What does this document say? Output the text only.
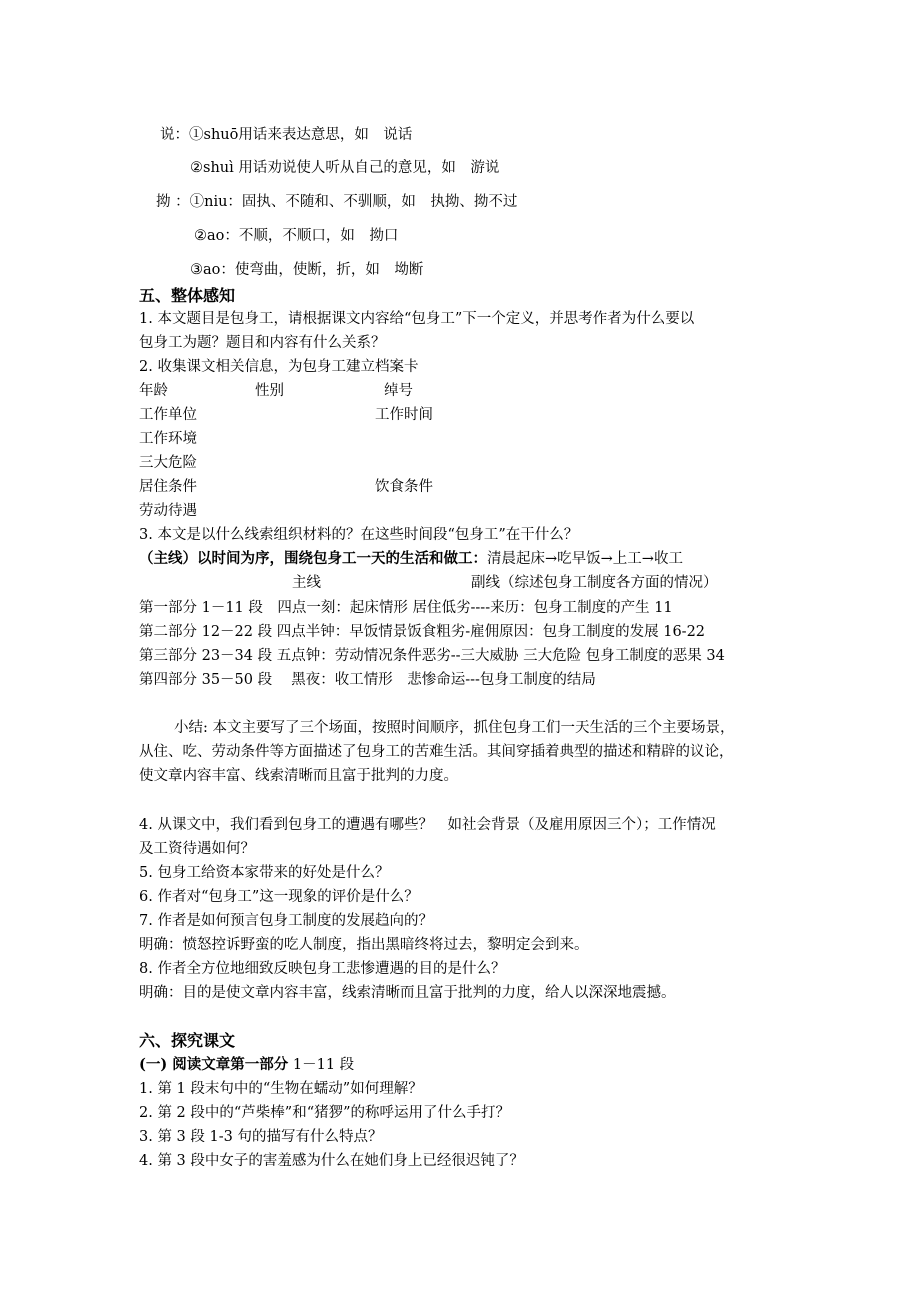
说：①shuō用话来表达意思，如　说话
②shuì 用话劝说使人听从自己的意见，如　游说
拗 ：①niu：固执、不随和、不驯顺，如　执拗、拗不过
②ao：不顺，不顺口，如　拗口
③ao：使弯曲，使断，折，如　坳断
五、整体感知
1. 本文题目是包身工，请根据课文内容给“包身工”下一个定义，并思考作者为什么要以
包身工为题？题目和内容有什么关系？
2. 收集课文相关信息，为包身工建立档案卡
年龄	性别	绰号
工作单位	工作时间
工作环境
三大危险
居住条件	饮食条件
劳动待遇
3. 本文是以什么线索组织材料的？在这些时间段“包身工”在干什么？
（主线）以时间为序，围绕包身工一天的生活和做工：清晨起床→吃早饭→上工→收工
主线	副线（综述包身工制度各方面的情况）
第一部分 1－11 段　四点一刻：起床情形 居住低劣----来历：包身工制度的产生 11
第二部分 12－22 段 四点半钟：早饭情景饭食粗劣-雇佣原因：包身工制度的发展 16-22
第三部分 23－34 段 五点钟：劳动情况条件恶劣--三大威胁 三大危险 包身工制度的恶果 34
第四部分 35－50 段　 黑夜：收工情形　悲惨命运---包身工制度的结局
小结: 本文主要写了三个场面，按照时间顺序，抓住包身工们一天生活的三个主要场景，
从住、吃、劳动条件等方面描述了包身工的苦难生活。其间穿插着典型的描述和精辟的议论，
使文章内容丰富、线索清晰而且富于批判的力度。
4. 从课文中，我们看到包身工的遭遇有哪些？　如社会背景（及雇用原因三个）；工作情况
及工资待遇如何？
5. 包身工给资本家带来的好处是什么？
6. 作者对“包身工”这一现象的评价是什么？
7. 作者是如何预言包身工制度的发展趋向的？
明确：愤怒控诉野蛮的吃人制度，指出黑暗终将过去，黎明定会到来。
8. 作者全方位地细致反映包身工悲惨遭遇的目的是什么？
明确：目的是使文章内容丰富，线索清晰而且富于批判的力度，给人以深深地震撼。
六、探究课文
(一) 阅读文章第一部分 1－11 段
1. 第 1 段末句中的“生物在蠕动”如何理解？
2. 第 2 段中的“芦柴棒”和“猪猡”的称呼运用了什么手打？
3. 第 3 段 1-3 句的描写有什么特点？
4. 第 3 段中女子的害羞感为什么在她们身上已经很迟钝了？
